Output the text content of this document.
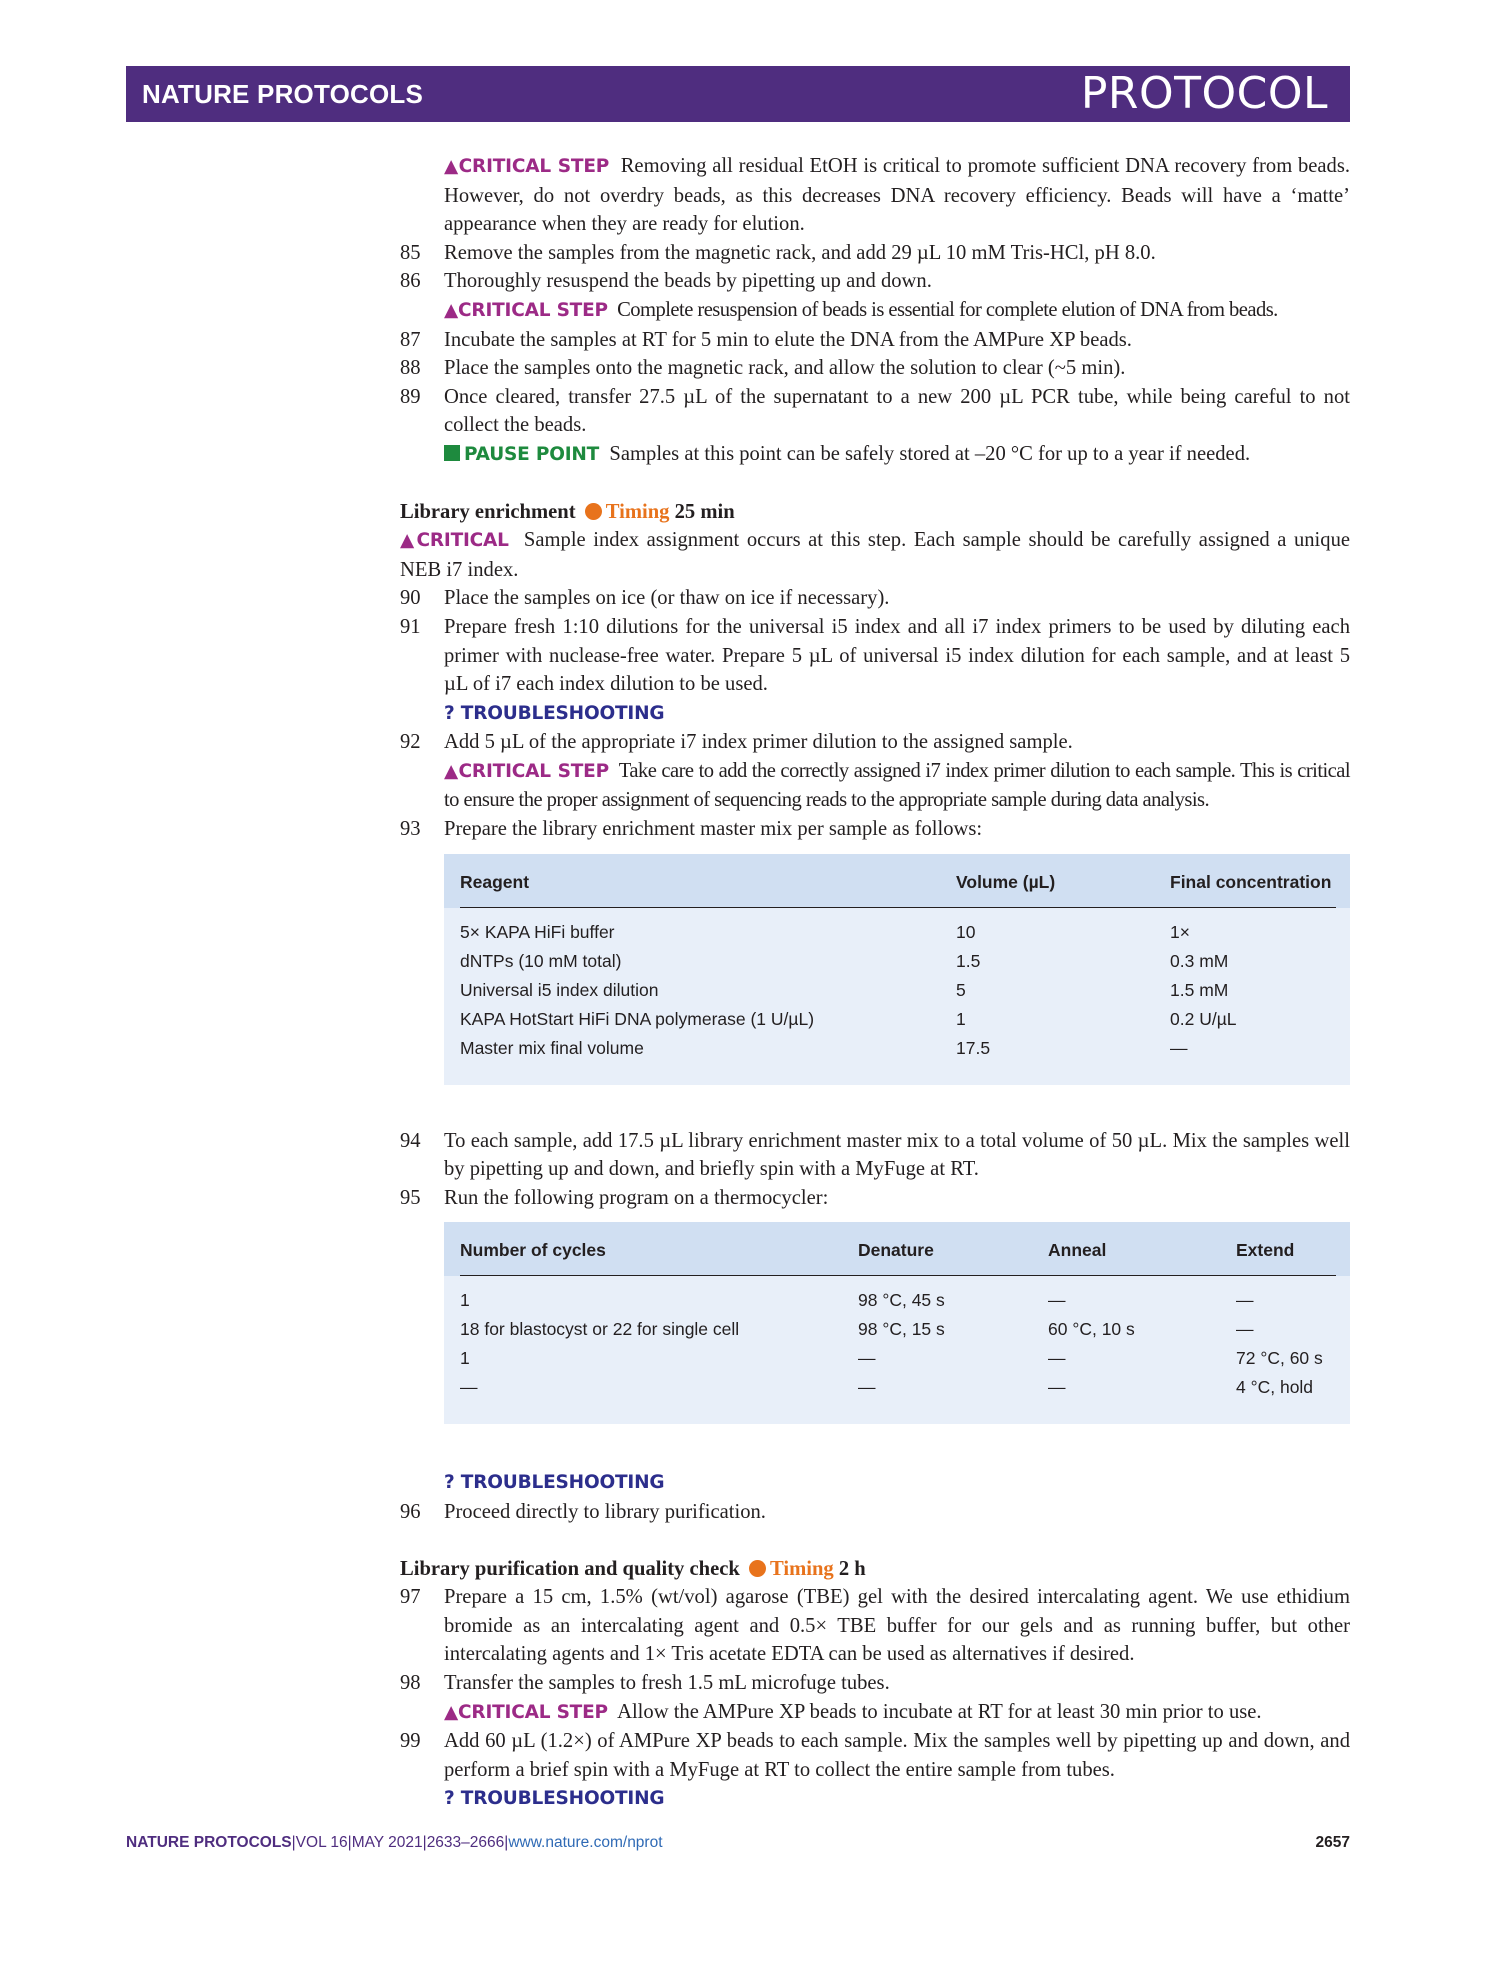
NATURE PROTOCOLS	PROTOCOL
▲CRITICAL STEP Removing all residual EtOH is critical to promote sufficient DNA recovery from beads. However, do not overdry beads, as this decreases DNA recovery efficiency. Beads will have a ‘matte’ appearance when they are ready for elution.
85 Remove the samples from the magnetic rack, and add 29 µL 10 mM Tris-HCl, pH 8.0.
86 Thoroughly resuspend the beads by pipetting up and down.
▲CRITICAL STEP Complete resuspension of beads is essential for complete elution of DNA from beads.
87 Incubate the samples at RT for 5 min to elute the DNA from the AMPure XP beads.
88 Place the samples onto the magnetic rack, and allow the solution to clear (~5 min).
89 Once cleared, transfer 27.5 µL of the supernatant to a new 200 µL PCR tube, while being careful to not collect the beads.
PAUSE POINT Samples at this point can be safely stored at –20 °C for up to a year if needed.
Library enrichment Timing 25 min
▲CRITICAL Sample index assignment occurs at this step. Each sample should be carefully assigned a unique NEB i7 index.
90 Place the samples on ice (or thaw on ice if necessary).
91 Prepare fresh 1:10 dilutions for the universal i5 index and all i7 index primers to be used by diluting each primer with nuclease-free water. Prepare 5 µL of universal i5 index dilution for each sample, and at least 5 µL of i7 each index dilution to be used.
? TROUBLESHOOTING
92 Add 5 µL of the appropriate i7 index primer dilution to the assigned sample.
▲CRITICAL STEP Take care to add the correctly assigned i7 index primer dilution to each sample. This is critical to ensure the proper assignment of sequencing reads to the appropriate sample during data analysis.
93 Prepare the library enrichment master mix per sample as follows:
Reagent	Volume (µL)	Final concentration
5× KAPA HiFi buffer	10	1×
dNTPs (10 mM total)	1.5	0.3 mM
Universal i5 index dilution	5	1.5 mM
KAPA HotStart HiFi DNA polymerase (1 U/µL)	1	0.2 U/µL
Master mix final volume	17.5	—
94 To each sample, add 17.5 µL library enrichment master mix to a total volume of 50 µL. Mix the samples well by pipetting up and down, and briefly spin with a MyFuge at RT.
95 Run the following program on a thermocycler:
Number of cycles	Denature	Anneal	Extend
1	98 °C, 45 s	—	—
18 for blastocyst or 22 for single cell	98 °C, 15 s	60 °C, 10 s	—
1	—	—	72 °C, 60 s
—	—	—	4 °C, hold
? TROUBLESHOOTING
96 Proceed directly to library purification.
Library purification and quality check Timing 2 h
97 Prepare a 15 cm, 1.5% (wt/vol) agarose (TBE) gel with the desired intercalating agent. We use ethidium bromide as an intercalating agent and 0.5× TBE buffer for our gels and as running buffer, but other intercalating agents and 1× Tris acetate EDTA can be used as alternatives if desired.
98 Transfer the samples to fresh 1.5 mL microfuge tubes.
▲CRITICAL STEP Allow the AMPure XP beads to incubate at RT for at least 30 min prior to use.
99 Add 60 µL (1.2×) of AMPure XP beads to each sample. Mix the samples well by pipetting up and down, and perform a brief spin with a MyFuge at RT to collect the entire sample from tubes.
? TROUBLESHOOTING
NATURE PROTOCOLS|VOL 16|MAY 2021|2633–2666|www.nature.com/nprot	2657
